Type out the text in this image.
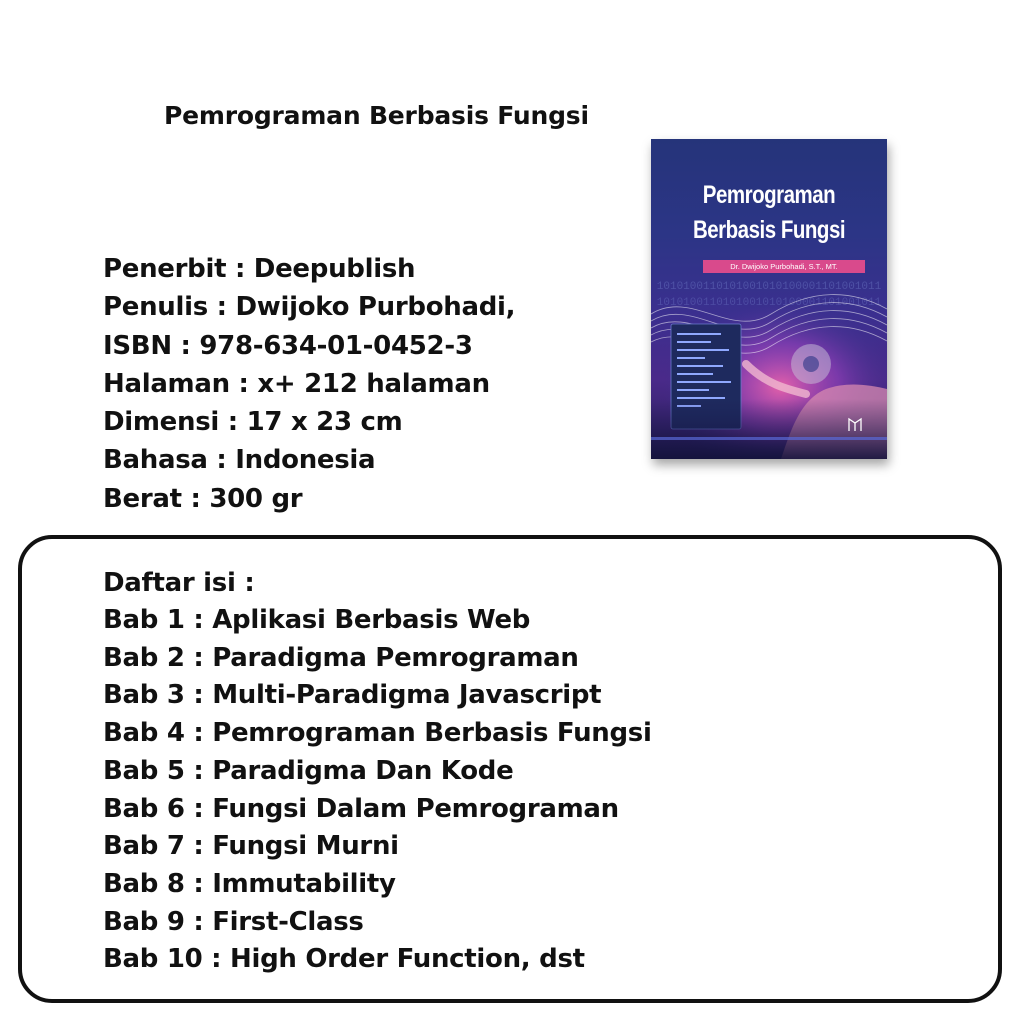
Pemrograman Berbasis Fungsi
Penerbit : Deepublish
Penulis : Dwijoko Purbohadi,
ISBN : 978-634-01-0452-3
Halaman : x+ 212 halaman
Dimensi : 17 x 23 cm
Bahasa : Indonesia
Berat : 300 gr
1010100110101001010100001101001011
1010100110101001010100001101001011
Pemrograman
Berbasis Fungsi
Dr. Dwijoko Purbohadi, S.T., MT.
Daftar isi :
Bab 1 : Aplikasi Berbasis Web
Bab 2 : Paradigma Pemrograman
Bab 3 : Multi-Paradigma Javascript
Bab 4 : Pemrograman Berbasis Fungsi
Bab 5 : Paradigma Dan Kode
Bab 6 : Fungsi Dalam Pemrograman
Bab 7 : Fungsi Murni
Bab 8 : Immutability
Bab 9 : First-Class
Bab 10 : High Order Function, dst
